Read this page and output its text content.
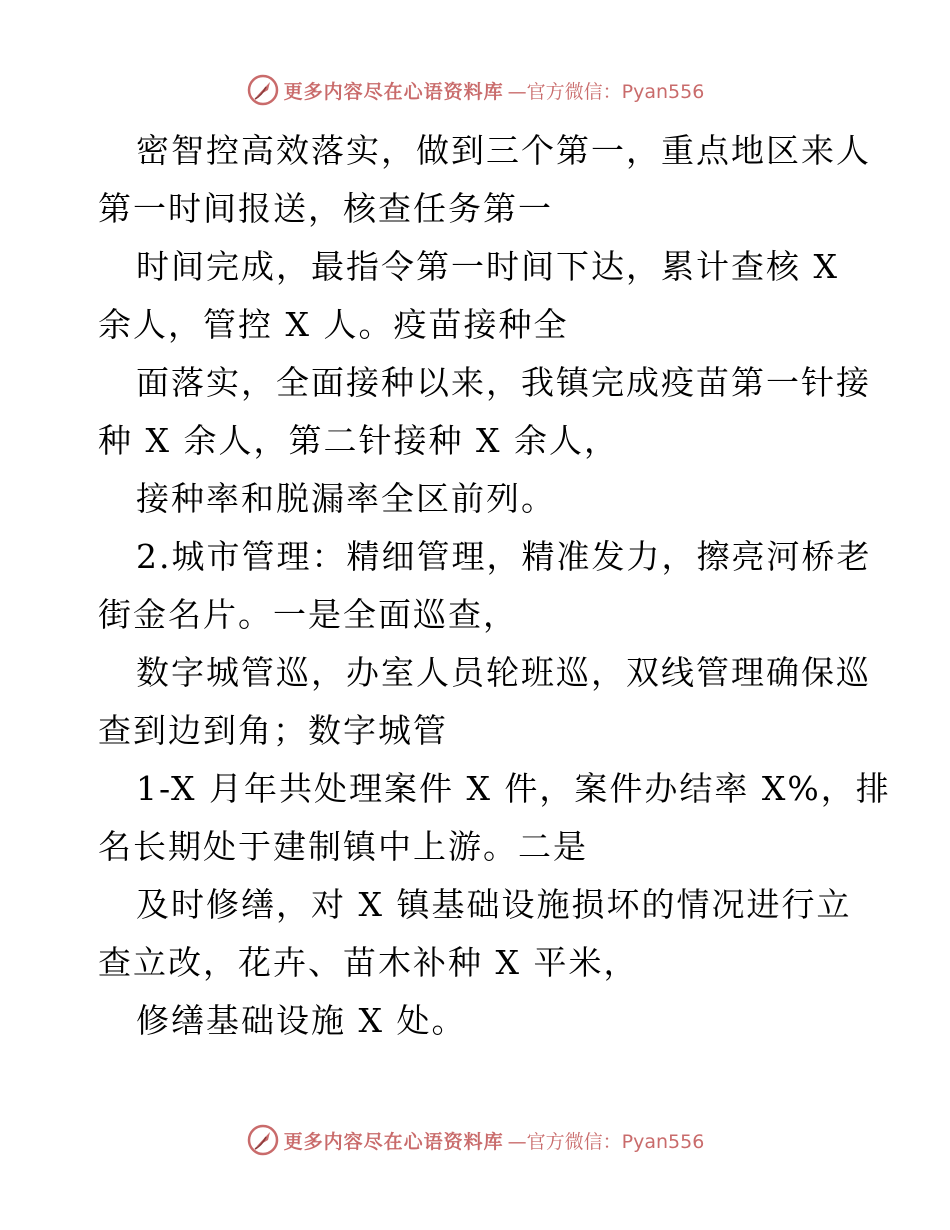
更多内容尽在心语资料库 —官方微信：Pyan556
密智控高效落实，做到三个第一，重点地区来人
第一时间报送，核查任务第一
时间完成，最指令第一时间下达，累计查核 X
余人，管控 X 人。疫苗接种全
面落实，全面接种以来，我镇完成疫苗第一针接
种 X 余人，第二针接种 X 余人，
接种率和脱漏率全区前列。
2.城市管理：精细管理，精准发力，擦亮河桥老
街金名片。一是全面巡查，
数字城管巡，办室人员轮班巡，双线管理确保巡
查到边到角；数字城管
1-X 月年共处理案件 X 件，案件办结率 X%，排
名长期处于建制镇中上游。二是
及时修缮，对 X 镇基础设施损坏的情况进行立
查立改，花卉、苗木补种 X 平米，
修缮基础设施 X 处。
更多内容尽在心语资料库 —官方微信：Pyan556
